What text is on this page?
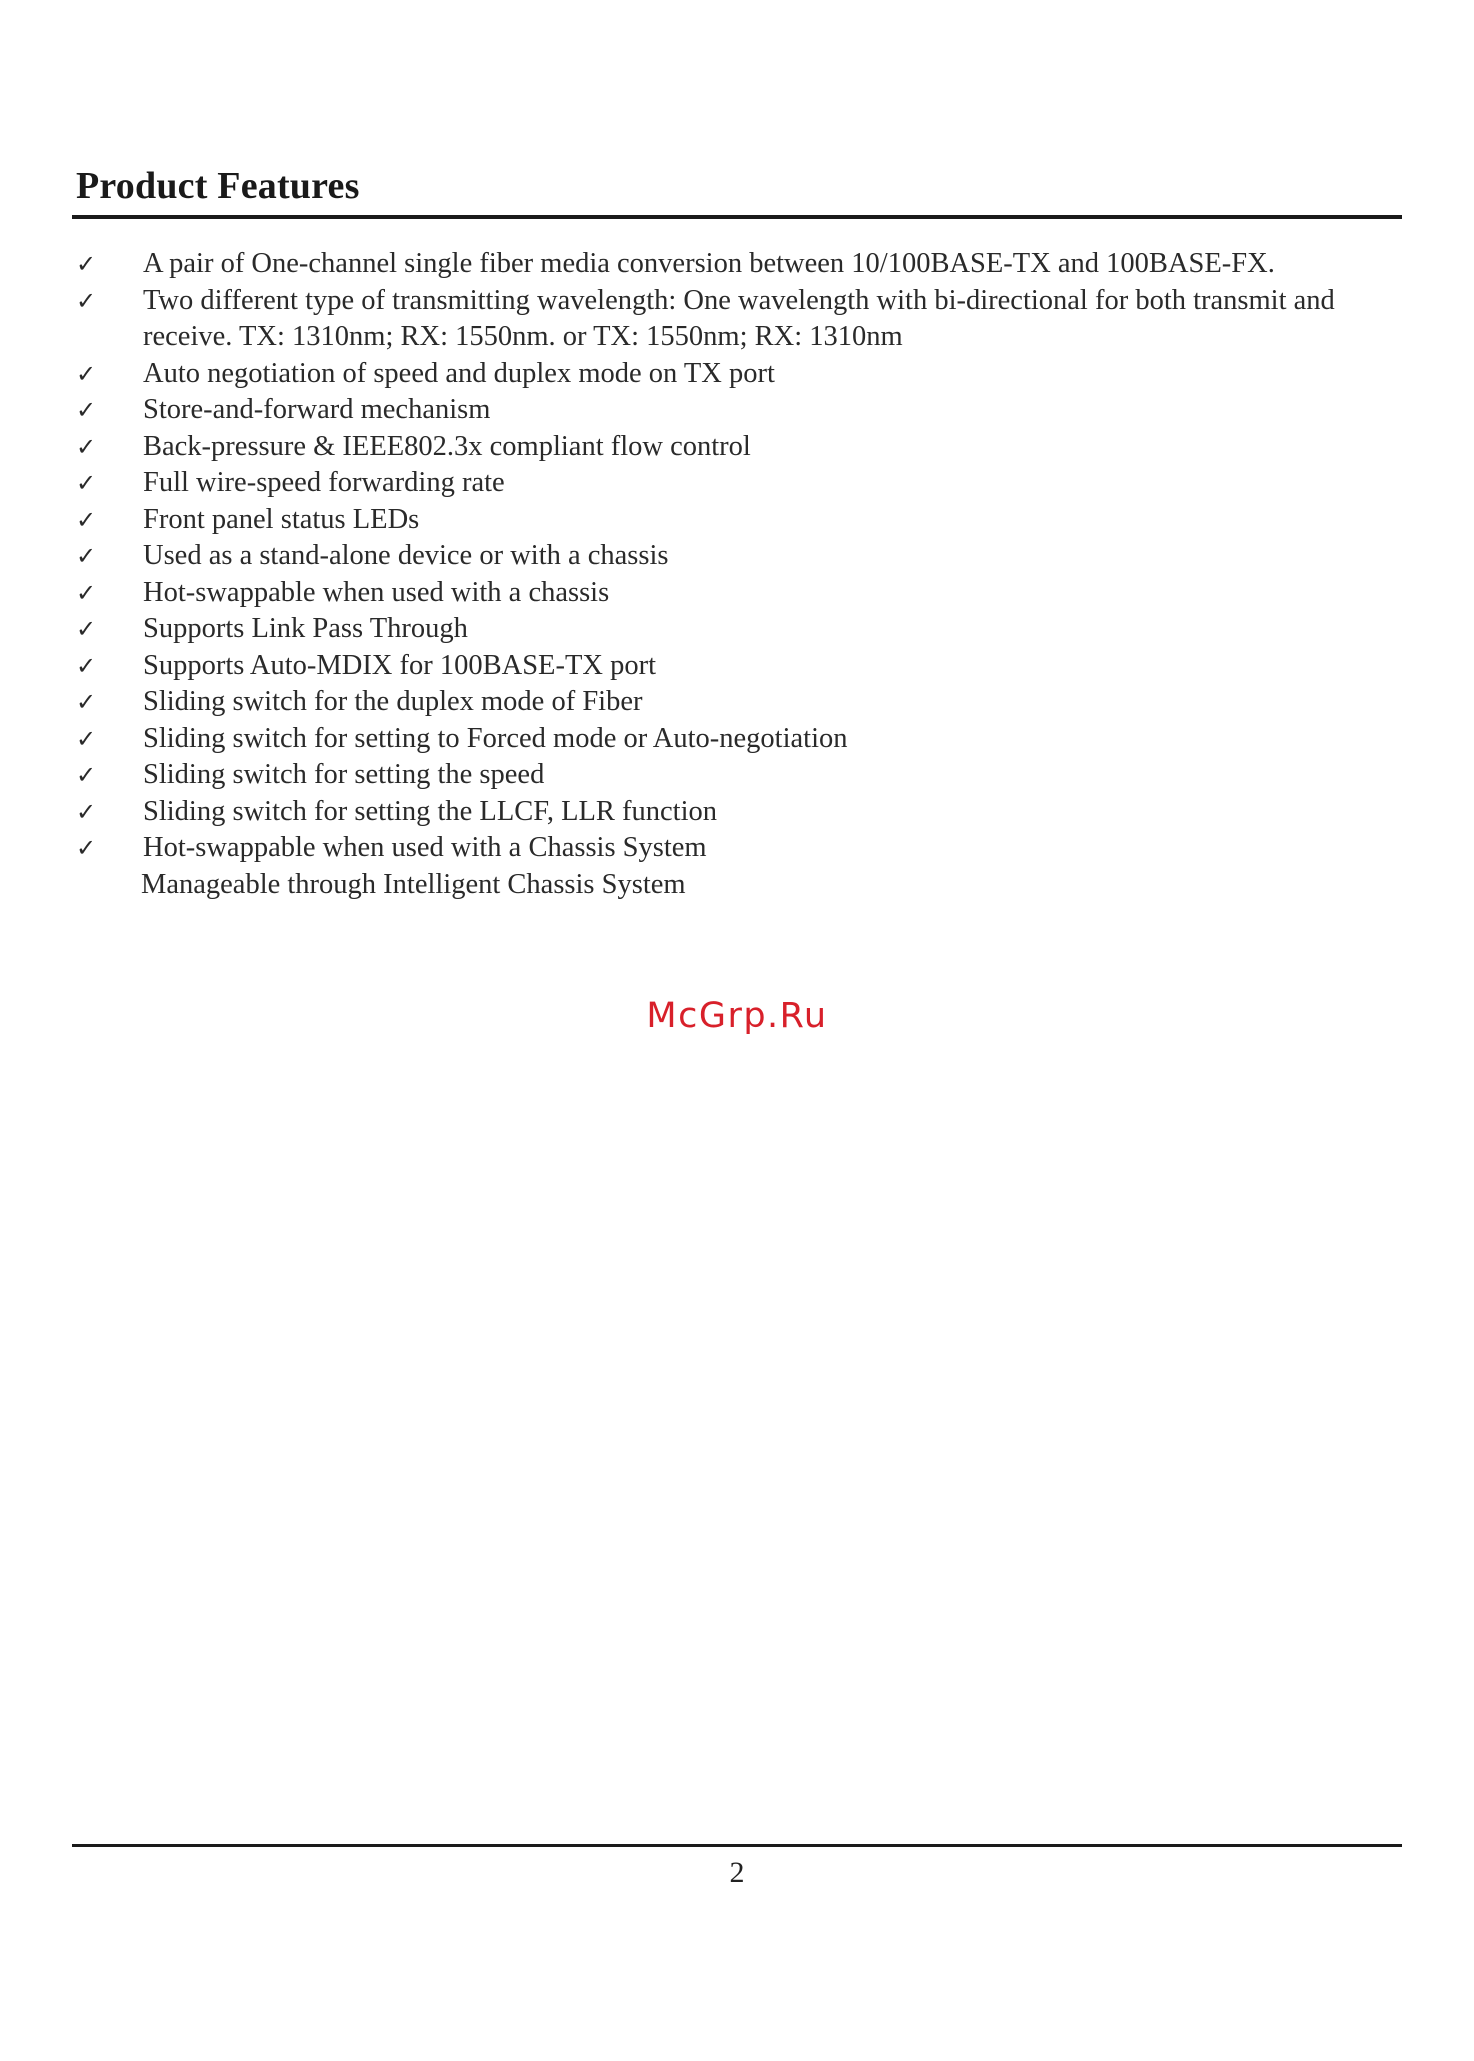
Product Features
✓	A pair of One-channel single fiber media conversion between 10/100BASE-TX and 100BASE-FX.
✓	Two different type of transmitting wavelength: One wavelength with bi-directional for both transmit and receive. TX: 1310nm; RX: 1550nm. or TX: 1550nm; RX: 1310nm
✓	Auto negotiation of speed and duplex mode on TX port
✓	Store-and-forward mechanism
✓	Back-pressure & IEEE802.3x compliant flow control
✓	Full wire-speed forwarding rate
✓	Front panel status LEDs
✓	Used as a stand-alone device or with a chassis
✓	Hot-swappable when used with a chassis
✓	Supports Link Pass Through
✓	Supports Auto-MDIX for 100BASE-TX port
✓	Sliding switch for the duplex mode of Fiber
✓	Sliding switch for setting to Forced mode or Auto-negotiation
✓	Sliding switch for setting the speed
✓	Sliding switch for setting the LLCF, LLR function
✓	Hot-swappable when used with a Chassis System
Manageable through Intelligent Chassis System
McGrp.Ru
2
